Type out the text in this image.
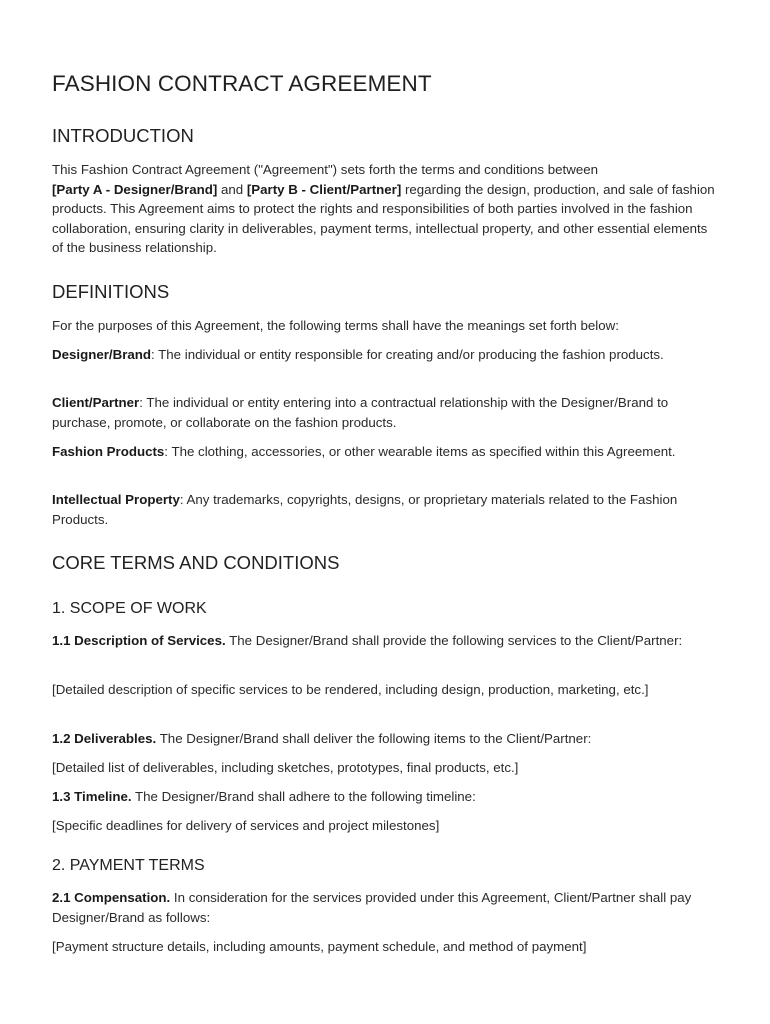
FASHION CONTRACT AGREEMENT
INTRODUCTION

This Fashion Contract Agreement ("Agreement") sets forth the terms and conditions between
[Party A - Designer/Brand] and [Party B - Client/Partner] regarding the design, production, and sale of fashion products. This Agreement aims to protect the rights and responsibilities of both parties involved in the fashion collaboration, ensuring clarity in deliverables, payment terms, intellectual property, and other essential elements of the business relationship.

DEFINITIONS

For the purposes of this Agreement, the following terms shall have the meanings set forth below:

Designer/Brand: The individual or entity responsible for creating and/or producing the fashion products.

Client/Partner: The individual or entity entering into a contractual relationship with the Designer/Brand to purchase, promote, or collaborate on the fashion products.

Fashion Products: The clothing, accessories, or other wearable items as specified within this Agreement.

Intellectual Property: Any trademarks, copyrights, designs, or proprietary materials related to the Fashion Products.

CORE TERMS AND CONDITIONS
1. SCOPE OF WORK

1.1 Description of Services. The Designer/Brand shall provide the following services to the Client/Partner:

[Detailed description of specific services to be rendered, including design, production, marketing, etc.]

1.2 Deliverables. The Designer/Brand shall deliver the following items to the Client/Partner:

[Detailed list of deliverables, including sketches, prototypes, final products, etc.]

1.3 Timeline. The Designer/Brand shall adhere to the following timeline:

[Specific deadlines for delivery of services and project milestones]

2. PAYMENT TERMS

2.1 Compensation. In consideration for the services provided under this Agreement, Client/Partner shall pay Designer/Brand as follows:

[Payment structure details, including amounts, payment schedule, and method of payment]
